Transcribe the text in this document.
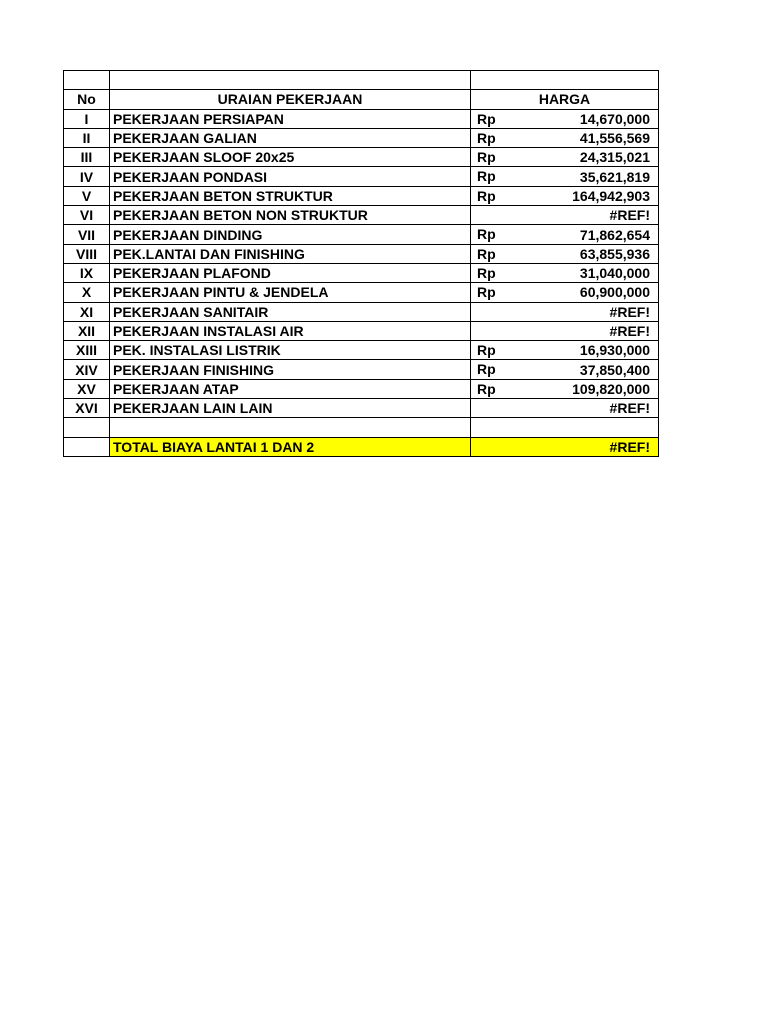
No	URAIAN PEKERJAAN	HARGA
I	PEKERJAAN PERSIAPAN	Rp 14,670,000

II	PEKERJAAN GALIAN	Rp 41,556,569

III	PEKERJAAN SLOOF 20x25	Rp 24,315,021

IV	PEKERJAAN PONDASI	Rp 35,621,819

V	PEKERJAAN BETON STRUKTUR	Rp 164,942,903

VI	PEKERJAAN BETON NON STRUKTUR	#REF!

VII	PEKERJAAN DINDING	Rp 71,862,654

VIII	PEK.LANTAI DAN FINISHING	Rp 63,855,936

IX	PEKERJAAN PLAFOND	Rp 31,040,000

X	PEKERJAAN PINTU & JENDELA	Rp 60,900,000

XI	PEKERJAAN SANITAIR	#REF!

XII	PEKERJAAN INSTALASI AIR	#REF!

XIII	PEK. INSTALASI LISTRIK	Rp 16,930,000

XIV	PEKERJAAN FINISHING	Rp 37,850,400

XV	PEKERJAAN ATAP	Rp 109,820,000

XVI	PEKERJAAN LAIN LAIN	#REF!

	TOTAL BIAYA LANTAI 1 DAN 2	#REF!
